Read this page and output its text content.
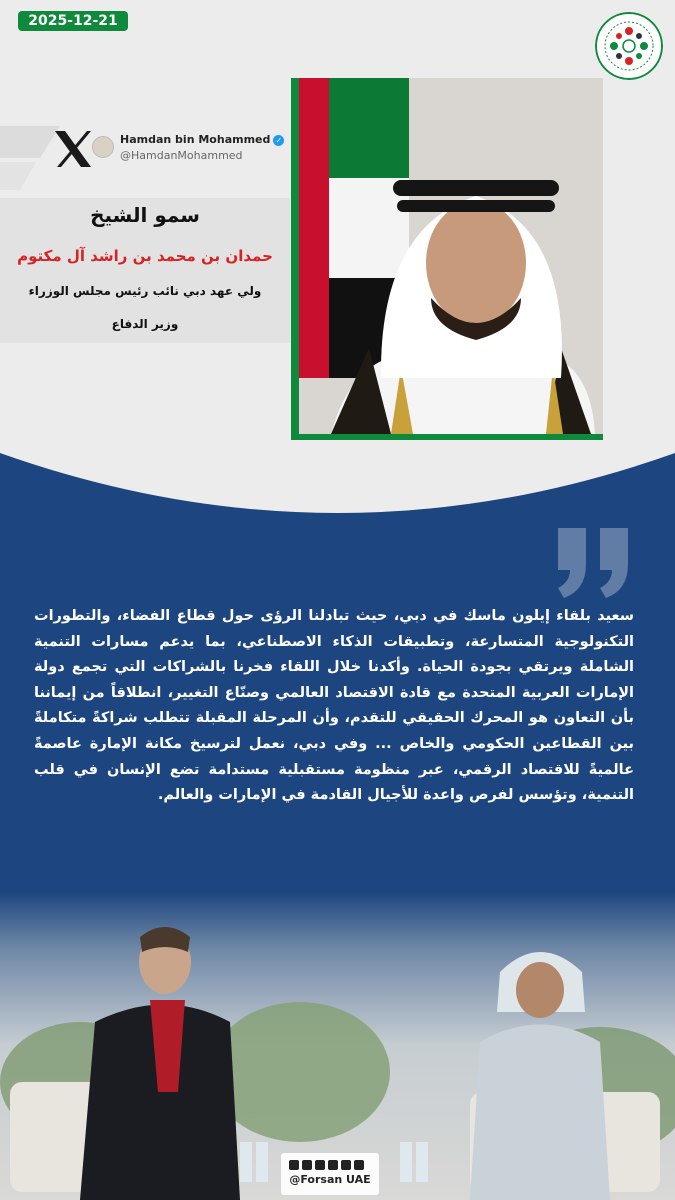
2025-12-21
Hamdan bin Mohammed ✓
@HamdanMohammed
سمو الشيخ
حمدان بن محمد بن راشد آل مكتوم
ولي عهد دبي نائب رئيس مجلس الوزراء
وزير الدفاع
سعيد بلقاء إيلون ماسك في دبي، حيث تبادلنا الرؤى حول قطاع الفضاء، والتطورات التكنولوجية المتسارعة، وتطبيقات الذكاء الاصطناعي، بما يدعم مسارات التنمية الشاملة ويرتقي بجودة الحياة. وأكدنا خلال اللقاء فخرنا بالشراكات التي تجمع دولة الإمارات العربية المتحدة مع قادة الاقتصاد العالمي وصنّاع التغيير، انطلاقاً من إيماننا بأن التعاون هو المحرك الحقيقي للتقدم، وأن المرحلة المقبلة تتطلب شراكةً متكاملةً بين القطاعين الحكومي والخاص ... وفي دبي، نعمل لترسيخ مكانة الإمارة عاصمةً عالميةً للاقتصاد الرقمي، عبر منظومة مستقبلية مستدامة تضع الإنسان في قلب التنمية، وتؤسس لفرص واعدة للأجيال القادمة في الإمارات والعالم.
@Forsan UAE
